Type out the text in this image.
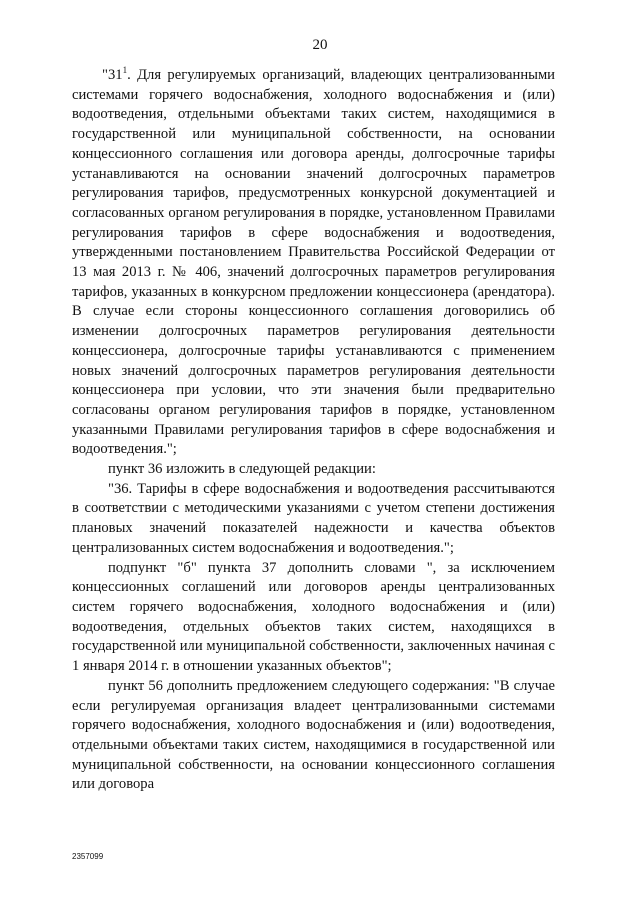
20

"$31^1$. Для регулируемых организаций, владеющих централизованными системами горячего водоснабжения, холодного водоснабжения и (или) водоотведения, отдельными объектами таких систем, находящимися в государственной или муниципальной собственности, на основании концессионного соглашения или договора аренды, долгосрочные тарифы устанавливаются на основании значений долгосрочных параметров регулирования тарифов, предусмотренных конкурсной документацией и согласованных органом регулирования в порядке, установленном Правилами регулирования тарифов в сфере водоснабжения и водоотведения, утвержденными постановлением Правительства Российской Федерации от 13 мая 2013 г. № 406, значений долгосрочных параметров регулирования тарифов, указанных в конкурсном предложении концессионера (арендатора). В случае если стороны концессионного соглашения договорились об изменении долгосрочных параметров регулирования деятельности концессионера, долгосрочные тарифы устанавливаются с применением новых значений долгосрочных параметров регулирования деятельности концессионера при условии, что эти значения были предварительно согласованы органом регулирования тарифов в порядке, установленном указанными Правилами регулирования тарифов в сфере водоснабжения и водоотведения.";

пункт 36 изложить в следующей редакции:

"36. Тарифы в сфере водоснабжения и водоотведения рассчитываются в соответствии с методическими указаниями с учетом степени достижения плановых значений показателей надежности и качества объектов централизованных систем водоснабжения и водоотведения.";

подпункт "б" пункта 37 дополнить словами ", за исключением концессионных соглашений или договоров аренды централизованных систем горячего водоснабжения, холодного водоснабжения и (или) водоотведения, отдельных объектов таких систем, находящихся в государственной или муниципальной собственности, заключенных начиная с 1 января 2014 г. в отношении указанных объектов";

пункт 56 дополнить предложением следующего содержания: "В случае если регулируемая организация владеет централизованными системами горячего водоснабжения, холодного водоснабжения и (или) водоотведения, отдельными объектами таких систем, находящимися в государственной или муниципальной собственности, на основании концессионного соглашения или договора

2357099
